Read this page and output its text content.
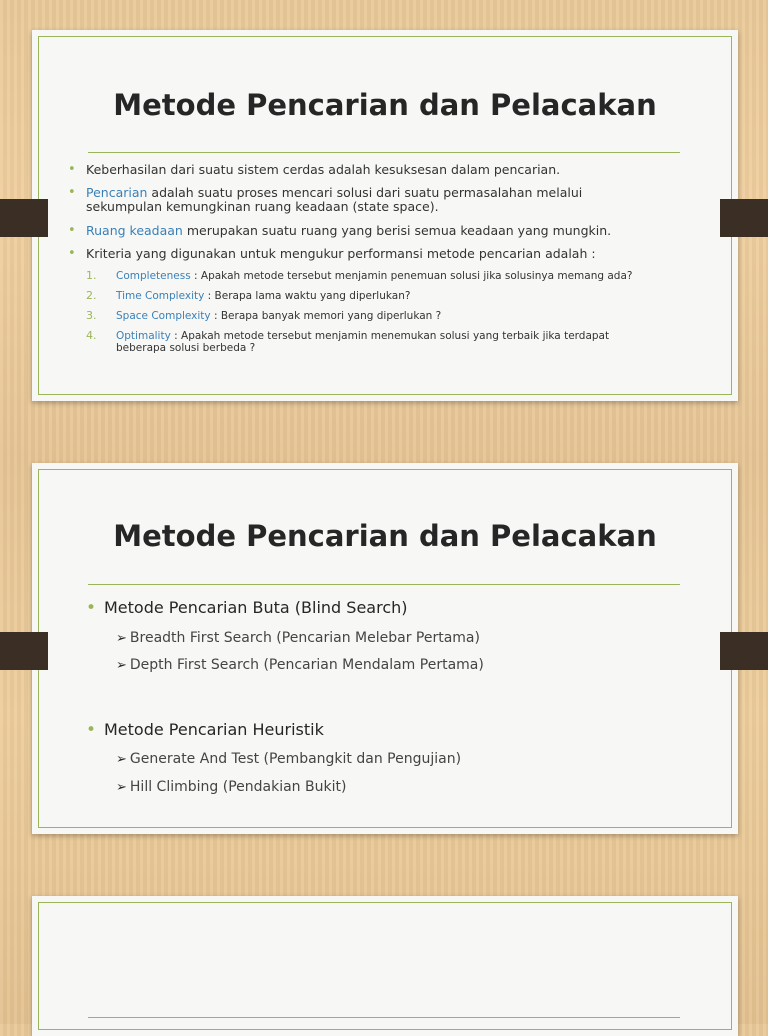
Metode Pencarian dan Pelacakan
• Keberhasilan dari suatu sistem cerdas adalah kesuksesan dalam pencarian.
• Pencarian adalah suatu proses mencari solusi dari suatu permasalahan melalui sekumpulan kemungkinan ruang keadaan (state space).
• Ruang keadaan merupakan suatu ruang yang berisi semua keadaan yang mungkin.
• Kriteria yang digunakan untuk mengukur performansi metode pencarian adalah :
1. Completeness : Apakah metode tersebut menjamin penemuan solusi jika solusinya memang ada?
2. Time Complexity : Berapa lama waktu yang diperlukan?
3. Space Complexity : Berapa banyak memori yang diperlukan ?
4. Optimality : Apakah metode tersebut menjamin menemukan solusi yang terbaik jika terdapat beberapa solusi berbeda ?
Metode Pencarian dan Pelacakan
• Metode Pencarian Buta (Blind Search)
➢ Breadth First Search (Pencarian Melebar Pertama)
➢ Depth First Search (Pencarian Mendalam Pertama)
• Metode Pencarian Heuristik
➢ Generate And Test (Pembangkit dan Pengujian)
➢ Hill Climbing (Pendakian Bukit)
